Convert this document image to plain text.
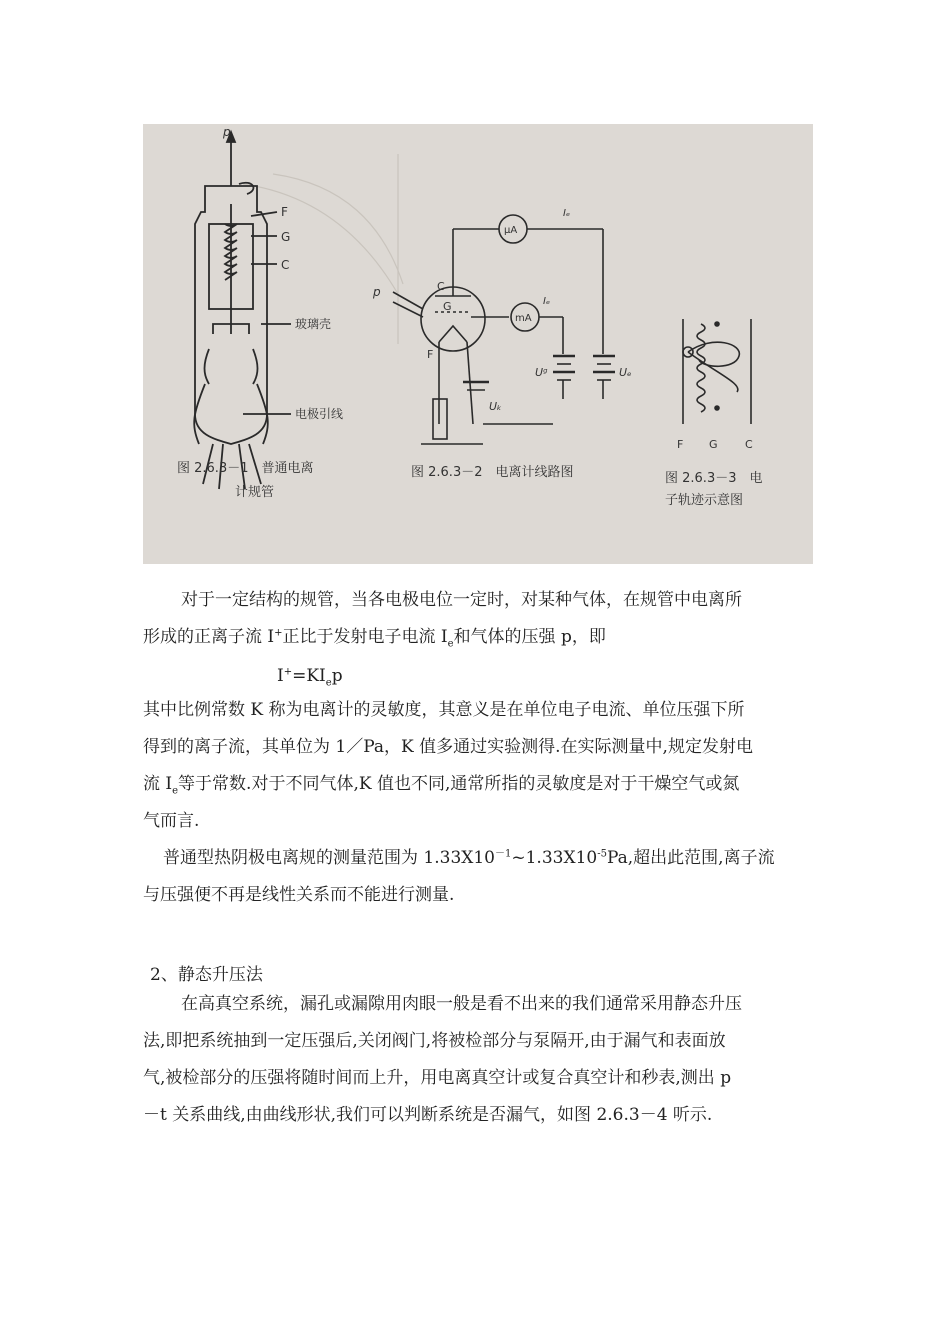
p
F
G
C
玻璃壳
电极引线
图 2.6.3－1　普通电离
计规管
p	C
G
F
μA
mA
Iₑ
Iₑ
Uᵍ	Uₑ
Uₖ
图 2.6.3－2　电离计线路图
F G C
图 2.6.3－3　电
子轨迹示意图

对于一定结构的规管，当各电极电位一定时，对某种气体，在规管中电离所

形成的正离子流 I+正比于发射电子电流 $I_e$和气体的压强 p，即

$I^+=KI_ep$

其中比例常数 K 称为电离计的灵敏度，其意义是在单位电子电流、单位压强下所

得到的离子流，其单位为 1／Pa，K 值多通过实验测得.在实际测量中,规定发射电

流 $I_e$等于常数.对于不同气体,K 值也不同,通常所指的灵敏度是对于干燥空气或氮

气而言.

普通型热阴极电离规的测量范围为 $1.33X10^{-1}\sim 1.33X10^{-5}Pa$,超出此范围,离子流

与压强便不再是线性关系而不能进行测量.

2、静态升压法

在高真空系统，漏孔或漏隙用肉眼一般是看不出来的我们通常采用静态升压

法,即把系统抽到一定压强后,关闭阀门,将被检部分与泵隔开,由于漏气和表面放

气,被检部分的压强将随时间而上升，用电离真空计或复合真空计和秒表,测出 p

－t 关系曲线,由曲线形状,我们可以判断系统是否漏气，如图 2.6.3－4 听示.
